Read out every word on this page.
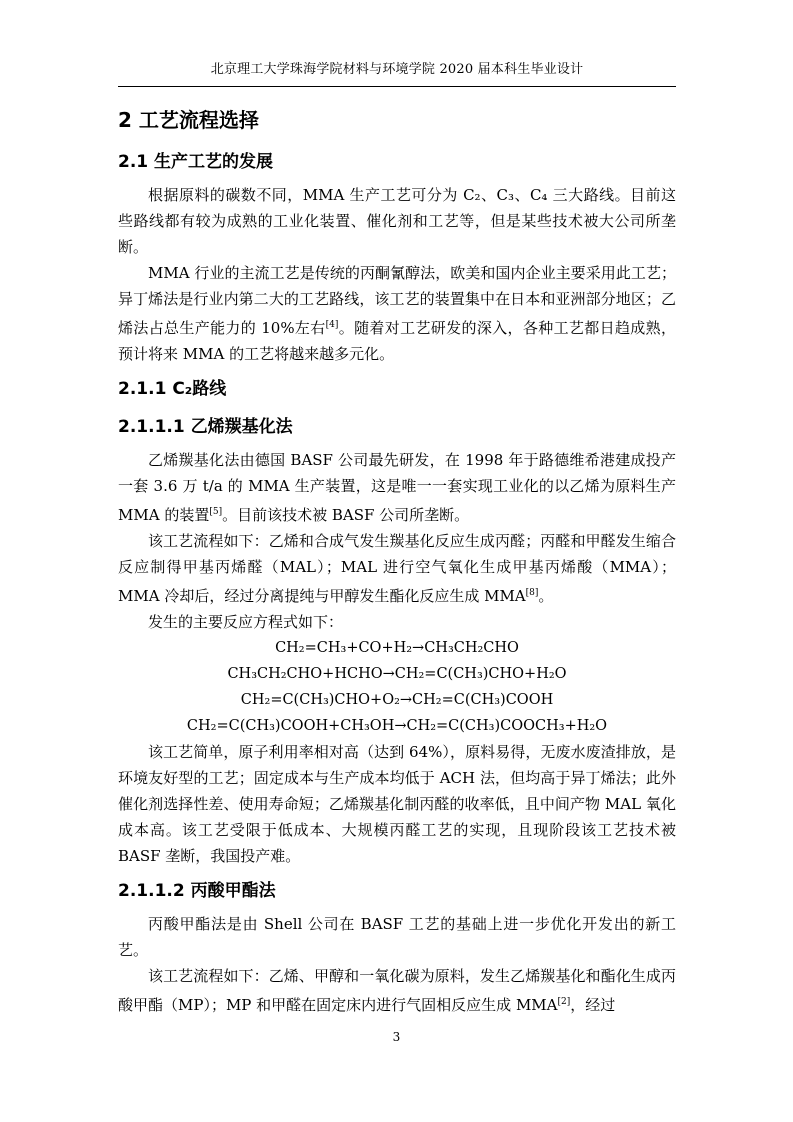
北京理工大学珠海学院材料与环境学院 2020 届本科生毕业设计
2 工艺流程选择
2.1 生产工艺的发展

根据原料的碳数不同，MMA 生产工艺可分为 C₂、C₃、C₄ 三大路线。目前这些路线都有较为成熟的工业化装置、催化剂和工艺等，但是某些技术被大公司所垄断。

MMA 行业的主流工艺是传统的丙酮氰醇法，欧美和国内企业主要采用此工艺；异丁烯法是行业内第二大的工艺路线，该工艺的装置集中在日本和亚洲部分地区；乙烯法占总生产能力的 10%左右[4]。随着对工艺研发的深入，各种工艺都日趋成熟，预计将来 MMA 的工艺将越来越多元化。

2.1.1 C₂路线
2.1.1.1 乙烯羰基化法

乙烯羰基化法由德国 BASF 公司最先研发，在 1998 年于路德维希港建成投产一套 3.6 万 t/a 的 MMA 生产装置，这是唯一一套实现工业化的以乙烯为原料生产 MMA 的装置[5]。目前该技术被 BASF 公司所垄断。

该工艺流程如下：乙烯和合成气发生羰基化反应生成丙醛；丙醛和甲醛发生缩合反应制得甲基丙烯醛（MAL）；MAL 进行空气氧化生成甲基丙烯酸（MMA）；MMA 冷却后，经过分离提纯与甲醇发生酯化反应生成 MMA[8]。

发生的主要反应方程式如下：

CH₂=CH₃+CO+H₂→CH₃CH₂CHO

CH₃CH₂CHO+HCHO→CH₂=C(CH₃)CHO+H₂O

CH₂=C(CH₃)CHO+O₂→CH₂=C(CH₃)COOH

CH₂=C(CH₃)COOH+CH₃OH→CH₂=C(CH₃)COOCH₃+H₂O

该工艺简单，原子利用率相对高（达到 64%），原料易得，无废水废渣排放，是环境友好型的工艺；固定成本与生产成本均低于 ACH 法，但均高于异丁烯法；此外催化剂选择性差、使用寿命短；乙烯羰基化制丙醛的收率低，且中间产物 MAL 氧化成本高。该工艺受限于低成本、大规模丙醛工艺的实现，且现阶段该工艺技术被 BASF 垄断，我国投产难。

2.1.1.2 丙酸甲酯法

丙酸甲酯法是由 Shell 公司在 BASF 工艺的基础上进一步优化开发出的新工艺。

该工艺流程如下：乙烯、甲醇和一氧化碳为原料，发生乙烯羰基化和酯化生成丙酸甲酯（MP）；MP 和甲醛在固定床内进行气固相反应生成 MMA[2]，经过

3
